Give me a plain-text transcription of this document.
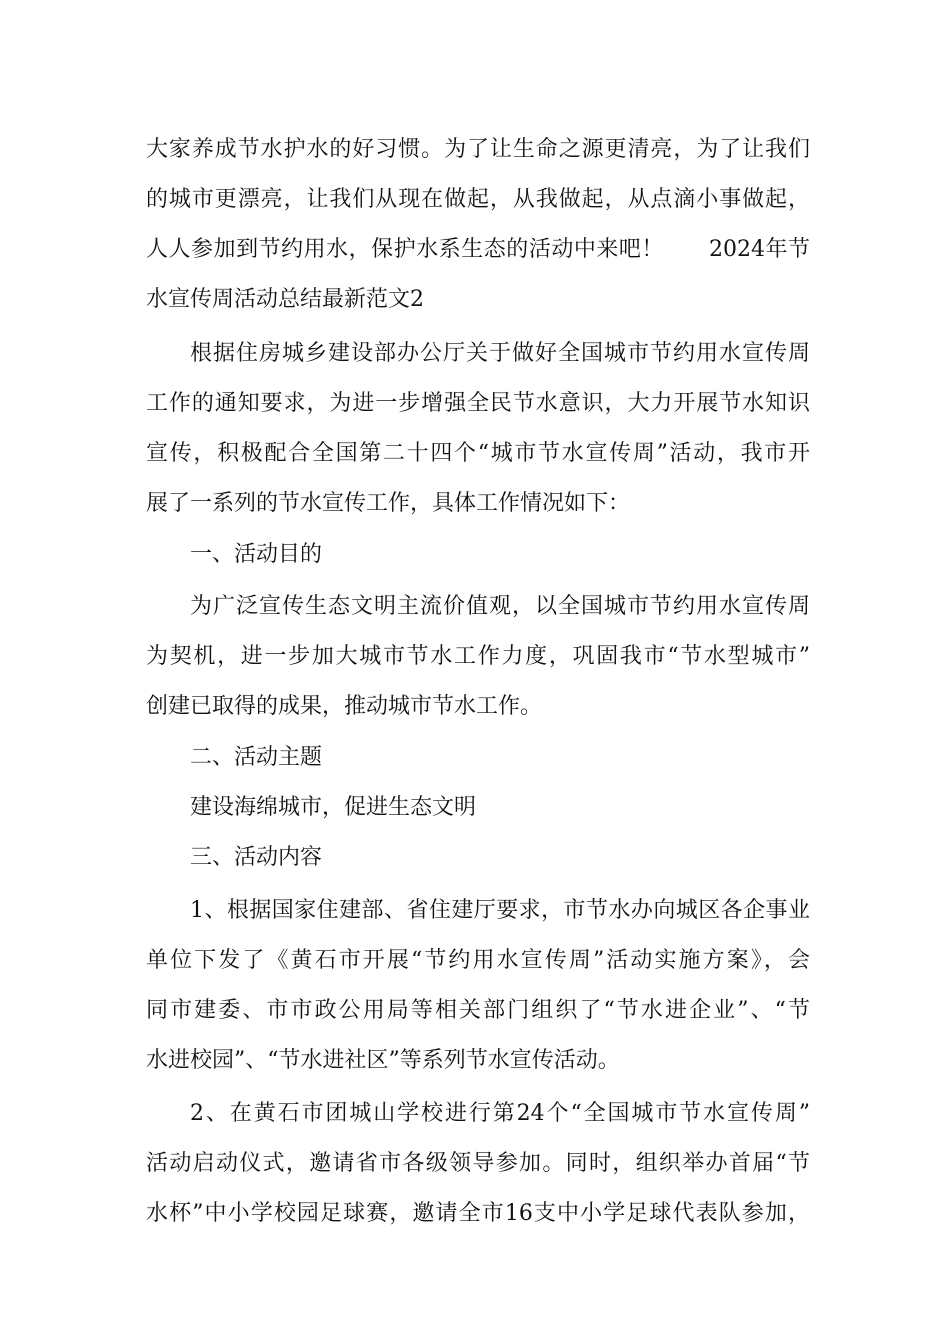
大家养成节水护水的好习惯。为了让生命之源更清亮，为了让我们
的城市更漂亮，让我们从现在做起，从我做起，从点滴小事做起，
人人参加到节约用水，保护水系生态的活动中来吧！　　2024年节
水宣传周活动总结最新范文2
根据住房城乡建设部办公厅关于做好全国城市节约用水宣传周
工作的通知要求，为进一步增强全民节水意识，大力开展节水知识
宣传，积极配合全国第二十四个“城市节水宣传周”活动，我市开
展了一系列的节水宣传工作，具体工作情况如下：
一、活动目的
为广泛宣传生态文明主流价值观，以全国城市节约用水宣传周
为契机，进一步加大城市节水工作力度，巩固我市“节水型城市”
创建已取得的成果，推动城市节水工作。
二、活动主题
建设海绵城市，促进生态文明
三、活动内容
1、根据国家住建部、省住建厅要求，市节水办向城区各企事业
单位下发了《黄石市开展“节约用水宣传周”活动实施方案》，会
同市建委、市市政公用局等相关部门组织了“节水进企业”、“节
水进校园”、“节水进社区”等系列节水宣传活动。
2、在黄石市团城山学校进行第24个“全国城市节水宣传周”
活动启动仪式，邀请省市各级领导参加。同时，组织举办首届“节
水杯”中小学校园足球赛，邀请全市16支中小学足球代表队参加，
